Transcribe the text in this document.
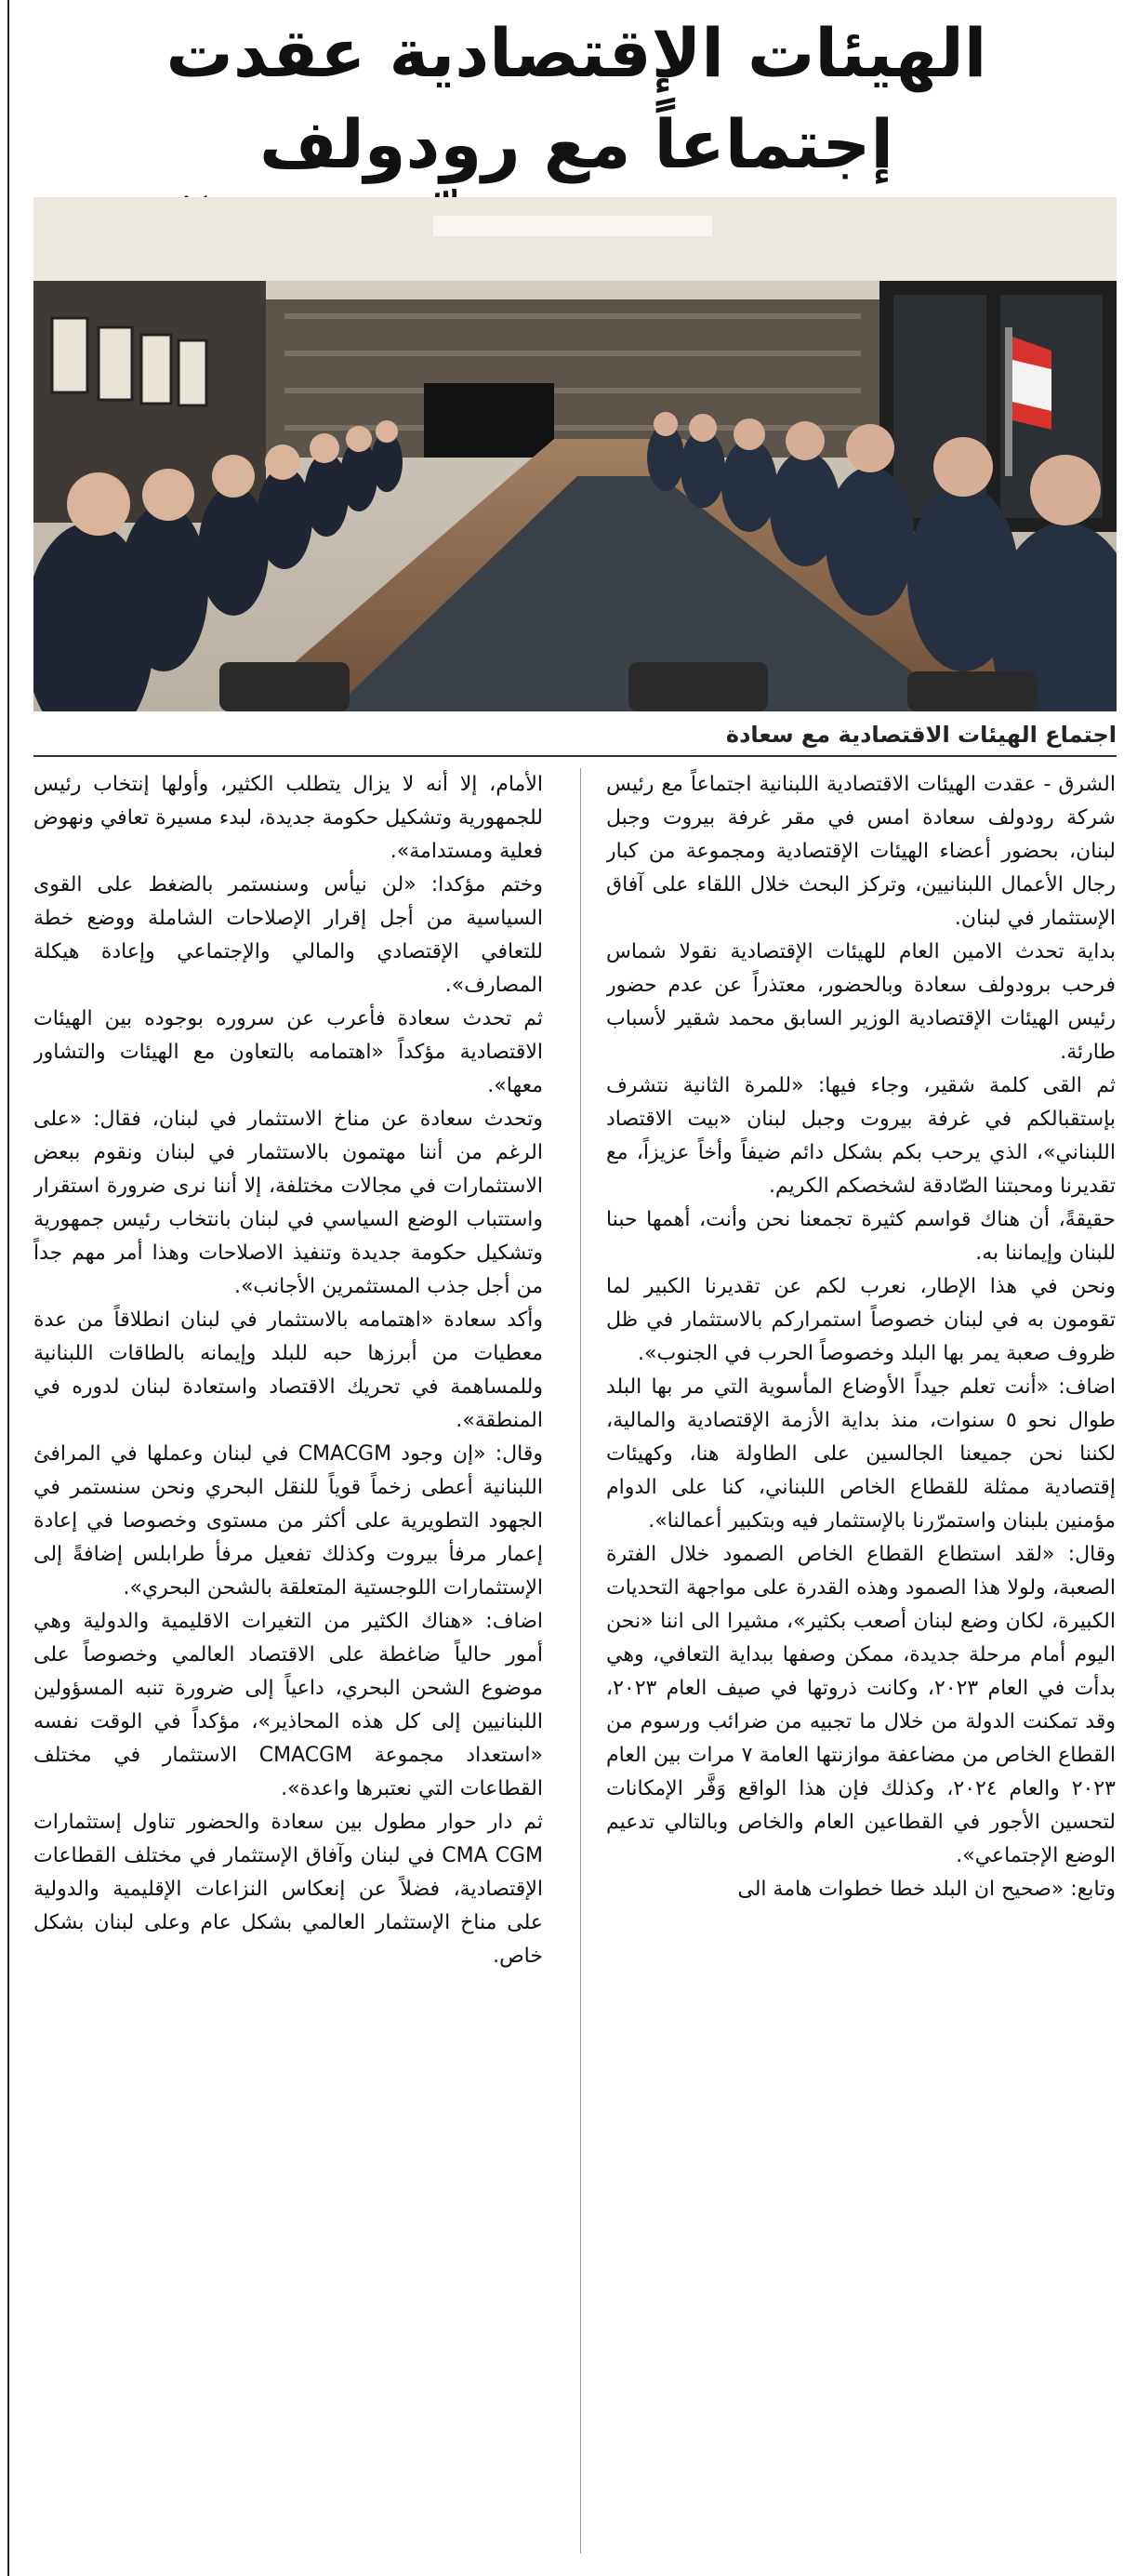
الهيئات الإقتصادية عقدت إجتماعاً مع رودولف
اجتماع الهيئات الاقتصادية مع سعادة

الشرق - عقدت الهيئات الاقتصادية اللبنانية اجتماعاً مع رئيس شركة رودولف سعادة امس في مقر غرفة بيروت وجبل لبنان، بحضور أعضاء الهيئات الإقتصادية ومجموعة من كبار رجال الأعمال اللبنانيين، وتركز البحث خلال اللقاء على آفاق الإستثمار في لبنان.

بداية تحدث الامين العام للهيئات الإقتصادية نقولا شماس فرحب برودولف سعادة وبالحضور، معتذراً عن عدم حضور رئيس الهيئات الإقتصادية الوزير السابق محمد شقير لأسباب طارئة.

ثم القى كلمة شقير، وجاء فيها: «للمرة الثانية نتشرف بإستقبالكم في غرفة بيروت وجبل لبنان «بيت الاقتصاد اللبناني»، الذي يرحب بكم بشكل دائم ضيفاً وأخاً عزيزاً، مع تقديرنا ومحبتنا الصّادقة لشخصكم الكريم.

حقيقةً، أن هناك قواسم كثيرة تجمعنا نحن وأنت، أهمها حبنا للبنان وإيماننا به.

ونحن في هذا الإطار، نعرب لكم عن تقديرنا الكبير لما تقومون به في لبنان خصوصاً استمراركم بالاستثمار في ظل ظروف صعبة يمر بها البلد وخصوصاً الحرب في الجنوب».

اضاف: «أنت تعلم جيداً الأوضاع المأسوية التي مر بها البلد طوال نحو ٥ سنوات، منذ بداية الأزمة الإقتصادية والمالية، لكننا نحن جميعنا الجالسين على الطاولة هنا، وكهيئات إقتصادية ممثلة للقطاع الخاص اللبناني، كنا على الدوام مؤمنين بلبنان واستمرّرنا بالإستثمار فيه وبتكبير أعمالنا».

وقال: «لقد استطاع القطاع الخاص الصمود خلال الفترة الصعبة، ولولا هذا الصمود وهذه القدرة على مواجهة التحديات الكبيرة، لكان وضع لبنان أصعب بكثير»، مشيرا الى اننا «نحن اليوم أمام مرحلة جديدة، ممكن وصفها ببداية التعافي، وهي بدأت في العام ٢٠٢٣، وكانت ذروتها في صيف العام ٢٠٢٣، وقد تمكنت الدولة من خلال ما تجبيه من ضرائب ورسوم من القطاع الخاص من مضاعفة موازنتها العامة ٧ مرات بين العام ٢٠٢٣ والعام ٢٠٢٤، وكذلك فإن هذا الواقع وَفَّر الإمكانات لتحسين الأجور في القطاعين العام والخاص وبالتالي تدعيم الوضع الإجتماعي».

وتابع: «صحيح ان البلد خطا خطوات هامة الى

الأمام، إلا أنه لا يزال يتطلب الكثير، وأولها إنتخاب رئيس للجمهورية وتشكيل حكومة جديدة، لبدء مسيرة تعافي ونهوض فعلية ومستدامة».

وختم مؤكدا: «لن نيأس وسنستمر بالضغط على القوى السياسية من أجل إقرار الإصلاحات الشاملة ووضع خطة للتعافي الإقتصادي والمالي والإجتماعي وإعادة هيكلة المصارف».

ثم تحدث سعادة فأعرب عن سروره بوجوده بين الهيئات الاقتصادية مؤكداً «اهتمامه بالتعاون مع الهيئات والتشاور معها».

وتحدث سعادة عن مناخ الاستثمار في لبنان، فقال: «على الرغم من أننا مهتمون بالاستثمار في لبنان ونقوم ببعض الاستثمارات في مجالات مختلفة، إلا أننا نرى ضرورة استقرار واستتباب الوضع السياسي في لبنان بانتخاب رئيس جمهورية وتشكيل حكومة جديدة وتنفيذ الاصلاحات وهذا أمر مهم جداً من أجل جذب المستثمرين الأجانب».

وأكد سعادة «اهتمامه بالاستثمار في لبنان انطلاقاً من عدة معطيات من أبرزها حبه للبلد وإيمانه بالطاقات اللبنانية وللمساهمة في تحريك الاقتصاد واستعادة لبنان لدوره في المنطقة».

وقال: «إن وجود CMACGM في لبنان وعملها في المرافئ اللبنانية أعطى زخماً قوياً للنقل البحري ونحن سنستمر في الجهود التطويرية على أكثر من مستوى وخصوصا في إعادة إعمار مرفأ بيروت وكذلك تفعيل مرفأ طرابلس إضافةً إلى الإستثمارات اللوجستية المتعلقة بالشحن البحري».

اضاف: «هناك الكثير من التغيرات الاقليمية والدولية وهي أمور حالياً ضاغطة على الاقتصاد العالمي وخصوصاً على موضوع الشحن البحري، داعياً إلى ضرورة تنبه المسؤولين اللبنانيين إلى كل هذه المحاذير»، مؤكداً في الوقت نفسه «استعداد مجموعة CMACGM الاستثمار في مختلف القطاعات التي نعتبرها واعدة».

ثم دار حوار مطول بين سعادة والحضور تناول إستثمارات CMA CGM في لبنان وآفاق الإستثمار في مختلف القطاعات الإقتصادية، فضلاً عن إنعكاس النزاعات الإقليمية والدولية على مناخ الإستثمار العالمي بشكل عام وعلى لبنان بشكل خاص.
